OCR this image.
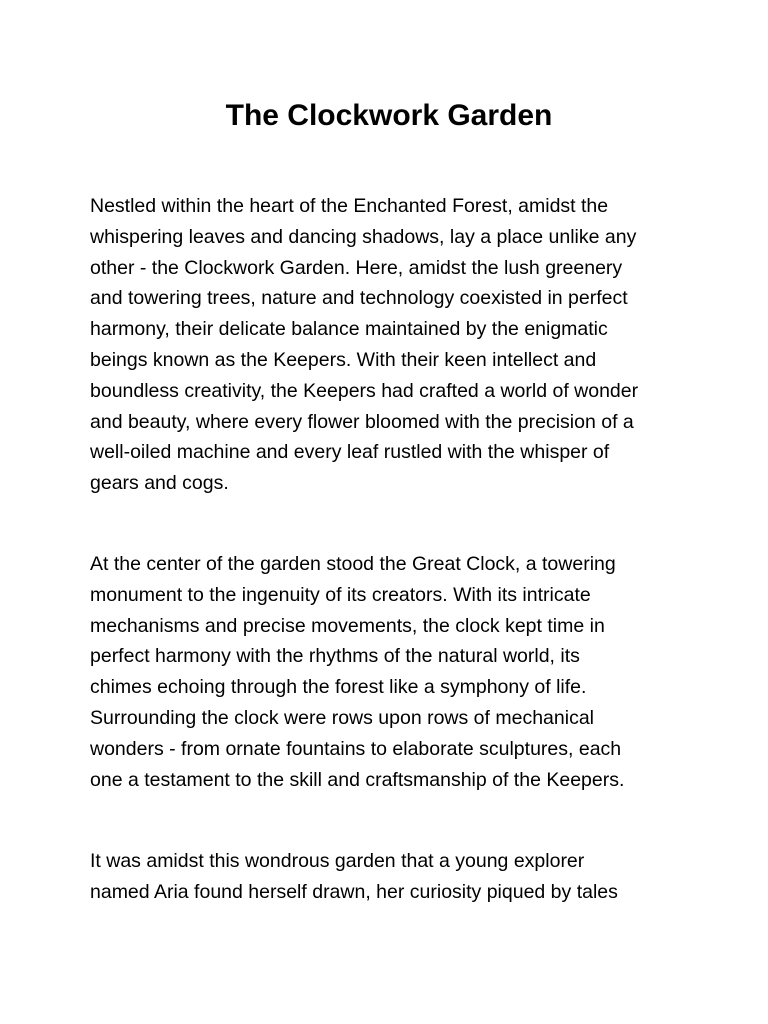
The Clockwork Garden

Nestled within the heart of the Enchanted Forest, amidst the
whispering leaves and dancing shadows, lay a place unlike any
other - the Clockwork Garden. Here, amidst the lush greenery
and towering trees, nature and technology coexisted in perfect
harmony, their delicate balance maintained by the enigmatic
beings known as the Keepers. With their keen intellect and
boundless creativity, the Keepers had crafted a world of wonder
and beauty, where every flower bloomed with the precision of a
well-oiled machine and every leaf rustled with the whisper of
gears and cogs.

At the center of the garden stood the Great Clock, a towering
monument to the ingenuity of its creators. With its intricate
mechanisms and precise movements, the clock kept time in
perfect harmony with the rhythms of the natural world, its
chimes echoing through the forest like a symphony of life.
Surrounding the clock were rows upon rows of mechanical
wonders - from ornate fountains to elaborate sculptures, each
one a testament to the skill and craftsmanship of the Keepers.

It was amidst this wondrous garden that a young explorer
named Aria found herself drawn, her curiosity piqued by tales
